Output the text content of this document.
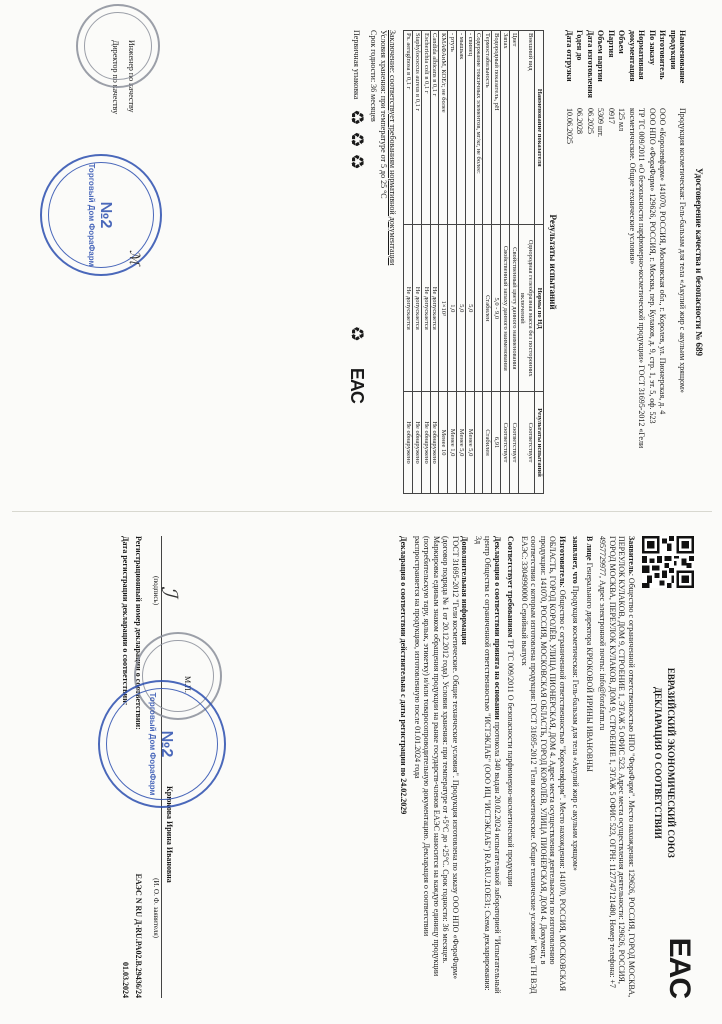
Удостоверение качества и безопасности № 689
Наименование продукции
Продукция косметическая: Гель-бальзам для тела «Акулий жир с акульим хрящом»
Изготовитель
ООО «Королевфарм» 141070, РОССИЯ, Московская обл., г. Королев, ул. Пионерская, д. 4
По заказу
ООО НПО «ФораФарм» 129626, РОССИЯ, г. Москва, пер. Кулаков, д. 9, стр. 1, эт. 5, оф. 523
Нормативная документация
ТР ТС 009/2011 «О безопасности парфюмерно-косметической продукции» ГОСТ 31695-2012 «Гели косметические. Общие технические условия»
Объем
125 мл
Партия
0917
Объем партии
5309 шт.
Дата изготовления
06.2025
Годен до
06.2028
Дата отгрузки
10.06.2025
Результаты испытаний
Наименование показателя	Нормы по НД	Результаты испытаний
Внешний вид	Однородная гелеобразная масса без посторонних включений	Соответствует
Цвет	Свойственный цвету данного наименования	Соответствует
Запах	Свойственный запаху данного наименования	Соответствует
Водородный показатель, pH	5,0 - 9,0	6,91
Термостабильность	Стабилен	Стабилен
Содержание токсичных элементов, мг/кг, не более:		
- свинец	5,0	Менее 5,0
- мышьяк	5,0	Менее 5,0
- ртуть	1,0	Менее 1,0
КМАФАнМ, КОЕ/г, не более	1×10³	Менее 10
Candida albicans в 0,1 г	Не допускается	Не обнаружено
Escherichia coli в 0,1 г	Не допускается	Не обнаружено
Staphylococcus aureus в 0,1 г	Не допускается	Не обнаружено
Ps. aeruginosa в 0,1 г	Не допускается	Не обнаружено
Заключение: соответствует требованиям нормативной документации
Условия хранения: при температуре от 5 до 25 °C
Срок годности: 36 месяцев
Первичная упаковка
♻
♻
♻
♻
EAC
Инженер по качеству
Директор по качеству
№2
Торговый Дом ФораФарм ℳ
ЕВРАЗИЙСКИЙ ЭКОНОМИЧЕСКИЙ СОЮЗ
ДЕКЛАРАЦИЯ О СООТВЕТСТВИИ
EAC
Заявитель: Общество с ограниченной ответственностью НПО "ФораФарм". Место нахождения: 129626, РОССИЯ, ГОРОД МОСКВА, ПЕРЕУЛОК КУЛАКОВ, ДОМ 9, СТРОЕНИЕ 1, ЭТАЖ 5 ОФИС 523. Адрес места осуществления деятельности: 129626, РОССИЯ, ГОРОД МОСКВА, ПЕРЕУЛОК КУЛАКОВ, ДОМ 9, СТРОЕНИЕ 1, ЭТАЖ 5 ОФИС 523, ОГРН: 1127747121480, Номер телефона: +7 4957729977, Адрес электронной почты: info@forafarm.ru
В лице Генерального директора КРЮКОВОЙ ИРИНЫ ИВАНОВНЫ
заявляет, что Продукция косметическая: Гель-бальзам для тела «Акулий жир с акульим хрящом»
Изготовитель: Общество с ограниченной ответственностью "Королевфарм". Место нахождения: 141070, РОССИЯ, МОСКОВСКАЯ ОБЛАСТЬ, ГОРОД КОРОЛЁВ, УЛИЦА ПИОНЕРСКАЯ, ДОМ 4. Адрес места осуществления деятельности по изготовлению продукции: 141070, РОССИЯ, МОСКОВСКАЯ ОБЛАСТЬ, ГОРОД КОРОЛЁВ, УЛИЦА ПИОНЕРСКАЯ, ДОМ 4. Документ, в соответствии с которым изготовлена продукция: ГОСТ 31695-2012 "Гели косметические. Общие технические условия" Коды ТН ВЭД ЕАЭС: 3304990000 Серийный выпуск
Соответствует требованиям ТР ТС 009/2011 О безопасности парфюмерно-косметической продукции
Декларация о соответствии принята на основании протокола 340 выдан 20.02.2024 испытательной лабораторией "Испытательный центр Общества с ограниченной ответственностью "ИСТЭКЛАБ" (ООО ИЦ "ИСТЭКЛАБ") RA.RU.21ОЕ31; Схема декларирования: 3д
Дополнительная информация
ГОСТ 31695-2012 "Гели косметические. Общие технические условия". Продукция изготовлена по заказу ООО НПО «ФораФарм» (договор подряда № 1 от 20.12.2012 года). Условия хранения: при температуре от +5°С до +25°С. Срок годности: 36 месяцев. Маркировка единым знаком обращения продукции на рынке государств-членов ЕАЭС наносится на каждую единицу продукции (потребительскую тару, ярлык, этикетку) и/или товаросопроводительную документацию. Декларация о соответствии распространяется на продукцию, изготовленную после 01.01.2024 года
Декларация о соответствии действительна с даты регистрации по 24.02.2029
(подпись)
(И. О. Ф. заявителя)
Крюкова Ирина Ивановна
Регистрационный номер декларации о соответствии:
ЕАЭС N RU Д-RU.РА02.В.29436/24
Дата регистрации декларации о соответствии:
01.03.2024
М.П.
№2
Торговый Дом ФораФарм
ℐ
